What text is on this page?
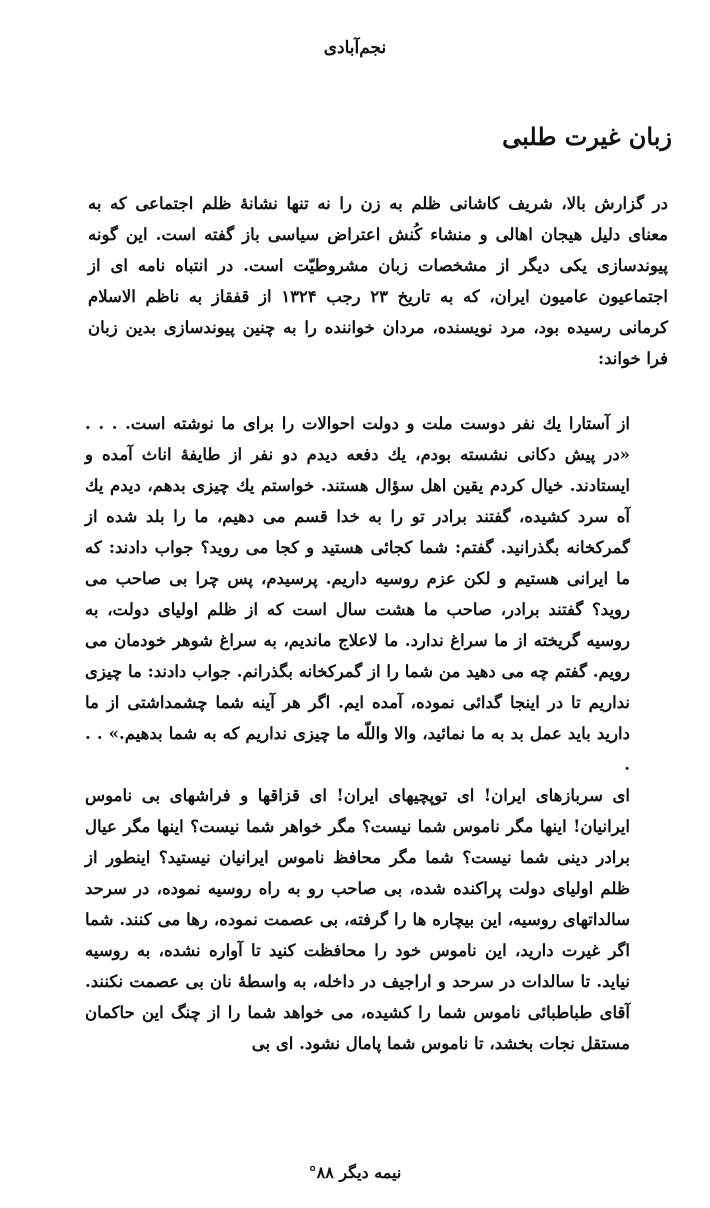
نجم‌آبادی
زبان غیرت طلبی

در گزارش بالا، شریف کاشانی ظلم به زن را نه تنها نشانهٔ ظلم اجتماعی که به معنای دلیل هیجان اهالی و منشاء کُنش اعتراض سیاسی باز گفته است. این گونه پیوندسازی یکی دیگر از مشخصات زبان مشروطیّت است. در انتباه نامه ای از اجتماعیون عامیون ایران، که به تاریخ ۲۳ رجب ۱۳۲۴ از قفقاز به ناظم الاسلام کرمانی رسیده بود، مرد نویسنده، مردان خواننده را به چنین پیوندسازی بدین زبان فرا خواند:

از آستارا یك نفر دوست ملت و دولت احوالات را برای ما نوشته است. . . . «در پیش دکانی نشسته بودم، یك دفعه دیدم دو نفر از طایفهٔ اناث آمده و ایستادند. خیال کردم یقین اهل سؤال هستند. خواستم یك چیزی بدهم، دیدم یك آه سرد کشیده، گفتند برادر تو را به خدا قسم می دهیم، ما را بلد شده از گمرکخانه بگذرانید. گفتم: شما کجائی هستید و کجا می روید؟ جواب دادند: که ما ایرانی هستیم و لکن عزم روسیه داریم. پرسیدم، پس چرا بی صاحب می روید؟ گفتند برادر، صاحب ما هشت سال است که از ظلم اولیای دولت، به روسیه گریخته از ما سراغ ندارد. ما لاعلاج ماندیم، به سراغ شوهر خودمان می رویم. گفتم چه می دهید من شما را از گمرکخانه بگذرانم. جواب دادند: ما چیزی نداریم تا در اینجا گدائی نموده، آمده ایم. اگر هر آینه شما چشمداشتی از ما دارید باید عمل بد به ما نمائید، والا واللّه ما چیزی نداریم که به شما بدهیم.» . . .

ای سربازهای ایران! ای توپچیهای ایران! ای قزاقها و فراشهای بی ناموس ایرانیان! اینها مگر ناموس شما نیست؟ مگر خواهر شما نیست؟ اینها مگر عیال برادر دینی شما نیست؟ شما مگر محافظ ناموس ایرانیان نیستید؟ اینطور از ظلم اولیای دولت پراکنده شده، بی صاحب رو به راه روسیه نموده، در سرحد سالداتهای روسیه، این بیچاره ها را گرفته، بی عصمت نموده، رها می کنند. شما اگر غیرت دارید، این ناموس خود را محافظت کنید تا آواره نشده، به روسیه نیاید. تا سالدات در سرحد و اراجیف در داخله، به واسطهٔ نان بی عصمت نکنند. آقای طباطبائی ناموس شما را کشیده، می خواهد شما را از چنگ این حاکمان مستقل نجات بخشد، تا ناموس شما پامال نشود. ای بی

نیمه دیگر ۸۸°
